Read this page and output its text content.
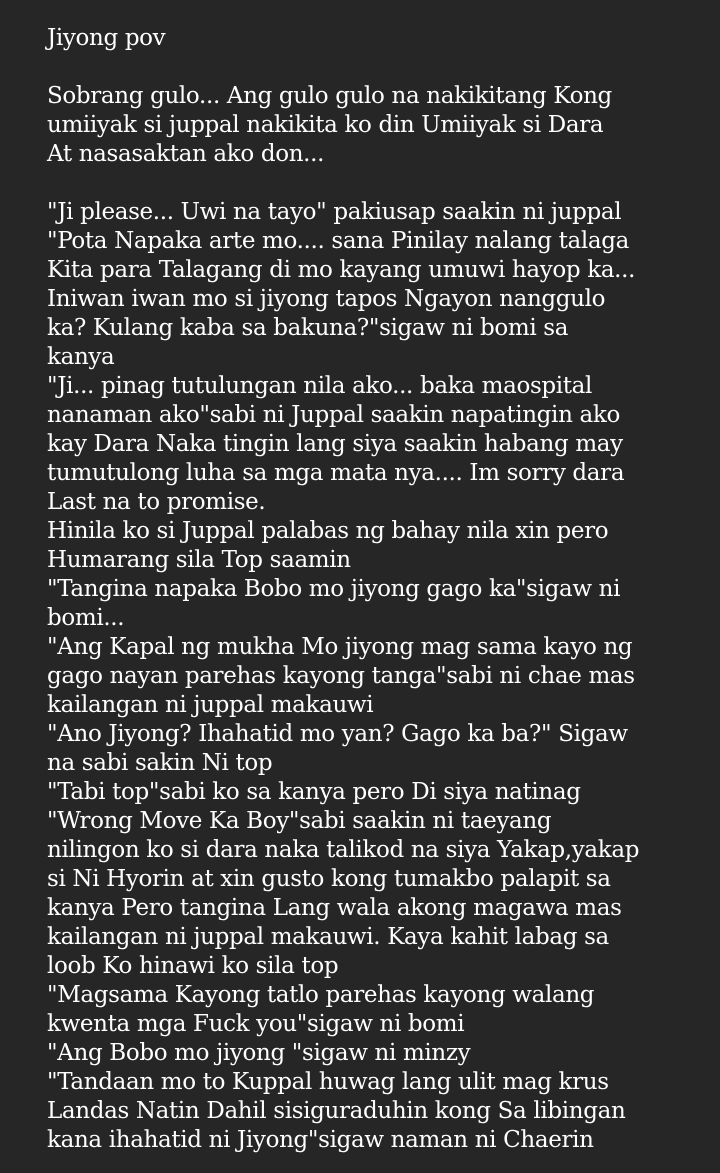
Jiyong pov
Sobrang gulo... Ang gulo gulo na nakikitang Kong
umiiyak si juppal nakikita ko din Umiiyak si Dara
At nasasaktan ako don...
"Ji please... Uwi na tayo" pakiusap saakin ni juppal
"Pota Napaka arte mo.... sana Pinilay nalang talaga
Kita para Talagang di mo kayang umuwi hayop ka...
Iniwan iwan mo si jiyong tapos Ngayon nanggulo
ka? Kulang kaba sa bakuna?"sigaw ni bomi sa
kanya
"Ji... pinag tutulungan nila ako... baka maospital
nanaman ako"sabi ni Juppal saakin napatingin ako
kay Dara Naka tingin lang siya saakin habang may
tumutulong luha sa mga mata nya.... Im sorry dara
Last na to promise.
Hinila ko si Juppal palabas ng bahay nila xin pero
Humarang sila Top saamin
"Tangina napaka Bobo mo jiyong gago ka"sigaw ni
bomi...
"Ang Kapal ng mukha Mo jiyong mag sama kayo ng
gago nayan parehas kayong tanga"sabi ni chae mas
kailangan ni juppal makauwi
"Ano Jiyong? Ihahatid mo yan? Gago ka ba?" Sigaw
na sabi sakin Ni top
"Tabi top"sabi ko sa kanya pero Di siya natinag
"Wrong Move Ka Boy"sabi saakin ni taeyang
nilingon ko si dara naka talikod na siya Yakap,yakap
si Ni Hyorin at xin gusto kong tumakbo palapit sa
kanya Pero tangina Lang wala akong magawa mas
kailangan ni juppal makauwi. Kaya kahit labag sa
loob Ko hinawi ko sila top
"Magsama Kayong tatlo parehas kayong walang
kwenta mga Fuck you"sigaw ni bomi
"Ang Bobo mo jiyong "sigaw ni minzy
"Tandaan mo to Kuppal huwag lang ulit mag krus
Landas Natin Dahil sisiguraduhin kong Sa libingan
kana ihahatid ni Jiyong"sigaw naman ni Chaerin
